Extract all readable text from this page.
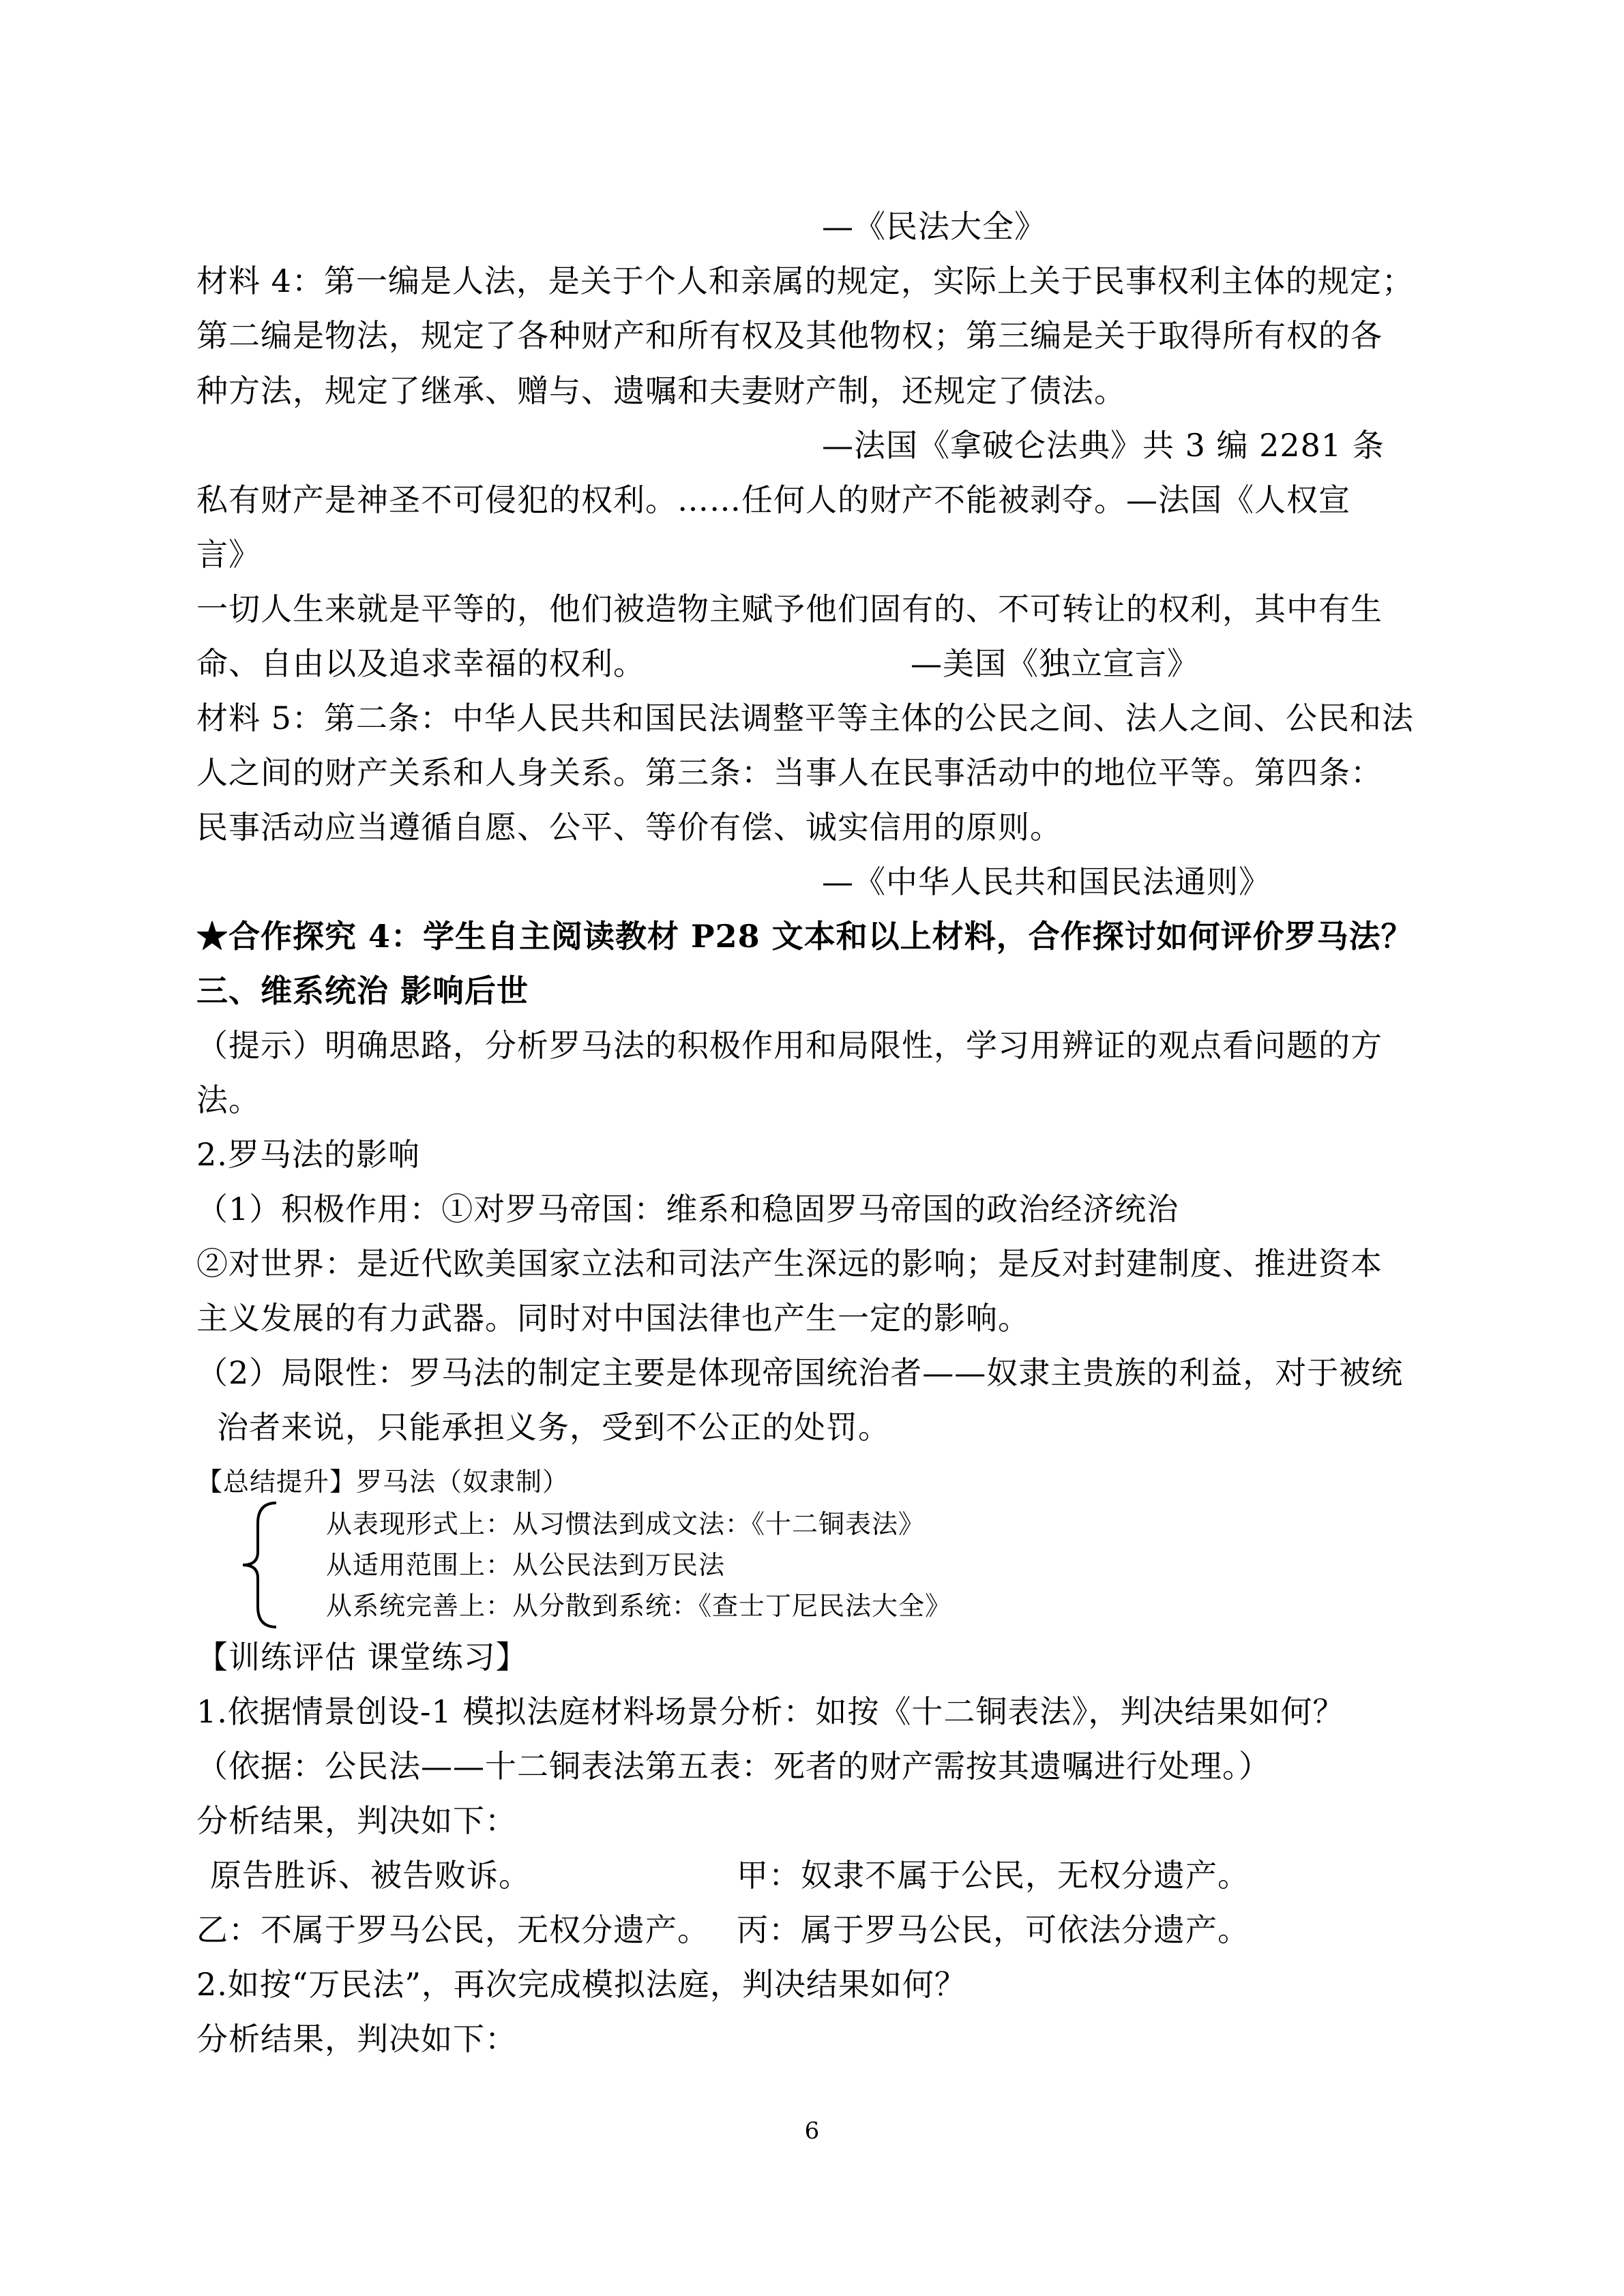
—《民法大全》

材料 4：第一编是人法，是关于个人和亲属的规定，实际上关于民事权利主体的规定；

第二编是物法，规定了各种财产和所有权及其他物权；第三编是关于取得所有权的各

种方法，规定了继承、赠与、遗嘱和夫妻财产制，还规定了债法。

—法国《拿破仑法典》共 3 编 2281 条

私有财产是神圣不可侵犯的权利。……任何人的财产不能被剥夺。—法国《人权宣

言》

一切人生来就是平等的，他们被造物主赋予他们固有的、不可转让的权利，其中有生

命、自由以及追求幸福的权利。	—美国《独立宣言》

材料 5：第二条：中华人民共和国民法调整平等主体的公民之间、法人之间、公民和法

人之间的财产关系和人身关系。第三条：当事人在民事活动中的地位平等。第四条：

民事活动应当遵循自愿、公平、等价有偿、诚实信用的原则。

—《中华人民共和国民法通则》

★合作探究 4：学生自主阅读教材 P28 文本和以上材料，合作探讨如何评价罗马法？

三、维系统治 影响后世

（提示）明确思路，分析罗马法的积极作用和局限性，学习用辨证的观点看问题的方

法。

2.罗马法的影响

（1）积极作用：①对罗马帝国：维系和稳固罗马帝国的政治经济统治

②对世界：是近代欧美国家立法和司法产生深远的影响；是反对封建制度、推进资本

主义发展的有力武器。同时对中国法律也产生一定的影响。

（2）局限性：罗马法的制定主要是体现帝国统治者——奴隶主贵族的利益，对于被统

治者来说，只能承担义务，受到不公正的处罚。

【总结提升】罗马法（奴隶制）

从表现形式上：从习惯法到成文法：《十二铜表法》

从适用范围上：从公民法到万民法

从系统完善上：从分散到系统：《查士丁尼民法大全》

【训练评估 课堂练习】

1.依据情景创设-1 模拟法庭材料场景分析：如按《十二铜表法》，判决结果如何？

（依据：公民法——十二铜表法第五表：死者的财产需按其遗嘱进行处理。）

分析结果，判决如下：

原告胜诉、被告败诉。	甲：奴隶不属于公民，无权分遗产。

乙：不属于罗马公民，无权分遗产。 丙：属于罗马公民，可依法分遗产。

2.如按“万民法”，再次完成模拟法庭，判决结果如何？

分析结果，判决如下：

6
